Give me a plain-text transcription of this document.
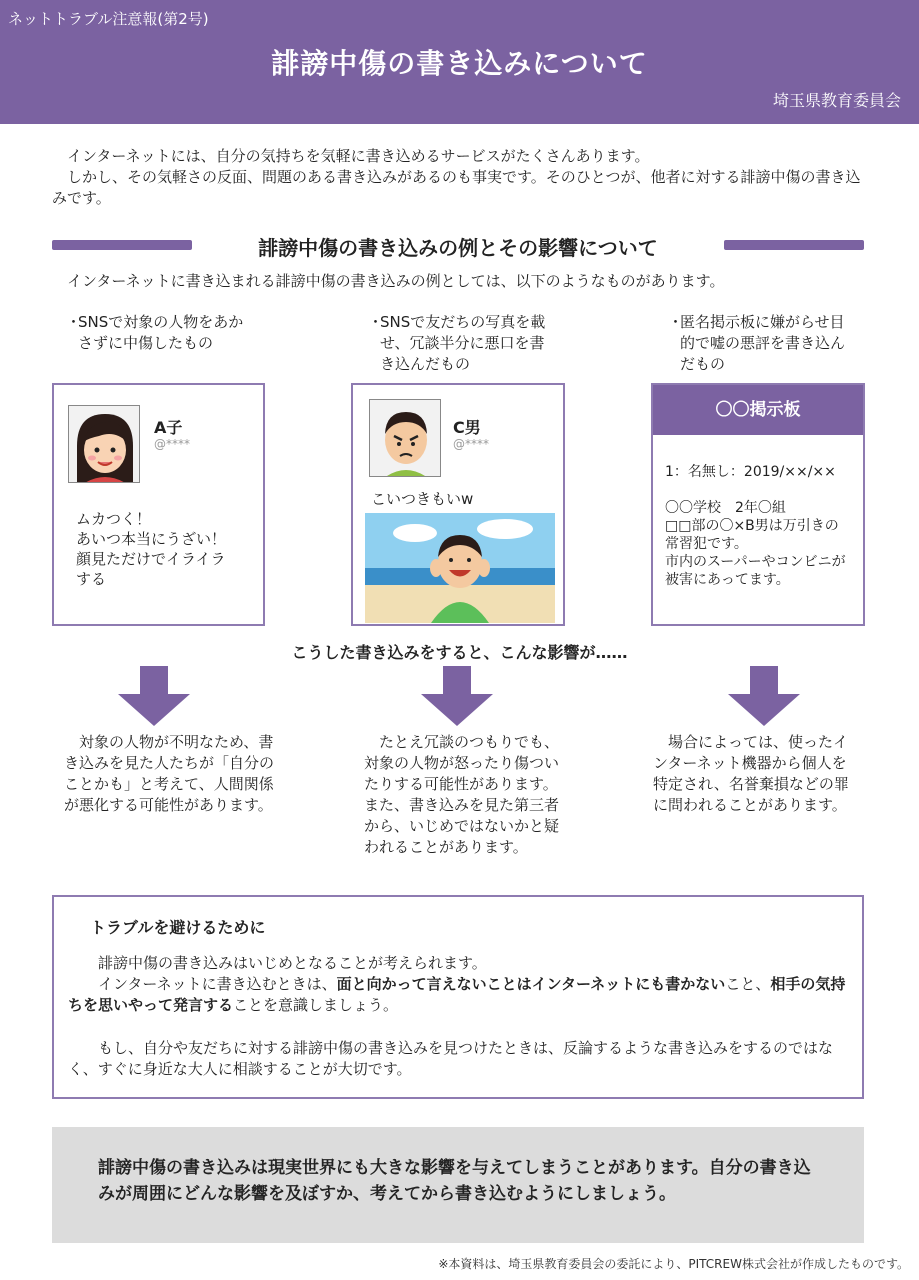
ネットトラブル注意報(第2号)
誹謗中傷の書き込みについて
埼玉県教育委員会

インターネットには、自分の気持ちを気軽に書き込めるサービスがたくさんあります。

しかし、その気軽さの反面、問題のある書き込みがあるのも事実です。そのひとつが、他者に対する誹謗中傷の書き込みです。

誹謗中傷の書き込みの例とその影響について
インターネットに書き込まれる誹謗中傷の書き込みの例としては、以下のようなものがあります。
・
SNSで対象の人物をあかさずに中傷したもの
・
SNSで友だちの写真を載せ、冗談半分に悪口を書き込んだもの
・
匿名掲示板に嫌がらせ目的で嘘の悪評を書き込んだもの
A子
@****
ムカつく！
あいつ本当にうざい！
顔見ただけでイライラ
する
C男
@****
こいつきもいw
〇〇掲示板
1：名無し：2019/××/××
〇〇学校　2年〇組
□□部の〇×B男は万引きの常習犯です。
市内のスーパーやコンビニが被害にあってます。
こうした書き込みをすると、こんな影響が……
対象の人物が不明なため、書き込みを見た人たちが「自分のことかも」と考えて、人間関係が悪化する可能性があります。
たとえ冗談のつもりでも、対象の人物が怒ったり傷ついたりする可能性があります。また、書き込みを見た第三者から、いじめではないかと疑われることがあります。
場合によっては、使ったインターネット機器から個人を特定され、名誉棄損などの罪に問われることがあります。
トラブルを避けるために
誹謗中傷の書き込みはいじめとなることが考えられます。
インターネットに書き込むときは、面と向かって言えないことはインターネットにも書かないこと、相手の気持ちを思いやって発言することを意識しましょう。
もし、自分や友だちに対する誹謗中傷の書き込みを見つけたときは、反論するような書き込みをするのではなく、すぐに身近な大人に相談することが大切です。
誹謗中傷の書き込みは現実世界にも大きな影響を与えてしまうことがあります。自分の書き込みが周囲にどんな影響を及ぼすか、考えてから書き込むようにしましょう。
※本資料は、埼玉県教育委員会の委託により、PITCREW株式会社が作成したものです。
